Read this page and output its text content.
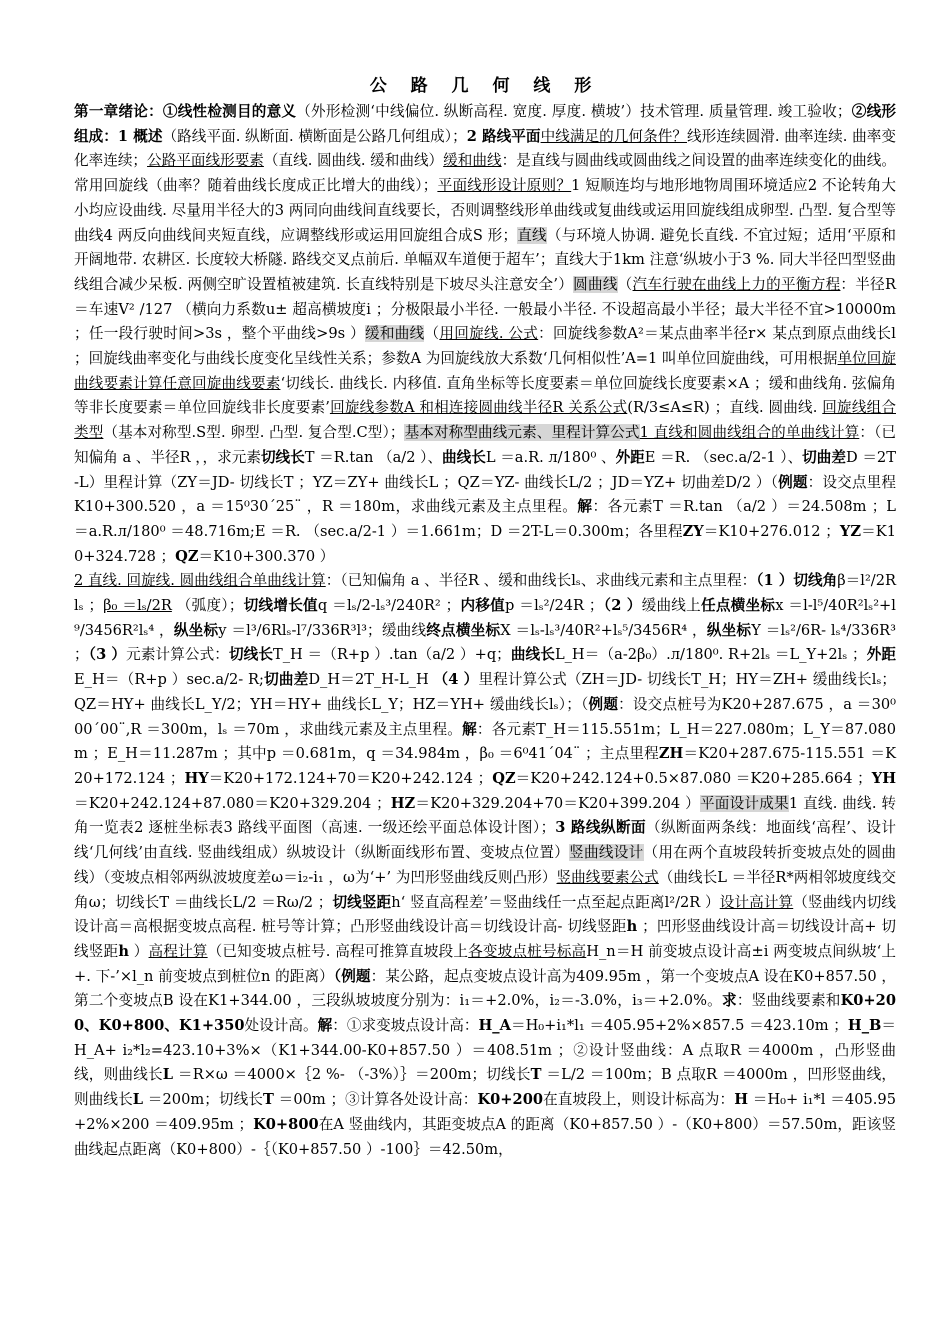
公 路 几 何 线 形

第一章绪论：①线性检测目的意义（外形检测‘中线偏位. 纵断高程. 宽度. 厚度. 横坡’）技术管理. 质量管理. 竣工验收；②线形组成：1 概述（路线平面. 纵断面. 横断面是公路几何组成）；2 路线平面中线满足的几何条件？线形连续圆滑. 曲率连续. 曲率变化率连续；公路平面线形要素（直线. 圆曲线. 缓和曲线）缓和曲线：是直线与圆曲线或圆曲线之间设置的曲率连续变化的曲线。常用回旋线（曲率？随着曲线长度成正比增大的曲线）；平面线形设计原则？1 短顺连均与地形地物周围环境适应2 不论转角大小均应设曲线. 尽量用半径大的3 两同向曲线间直线要长，否则调整线形单曲线或复曲线或运用回旋线组成卵型. 凸型. 复合型等曲线4 两反向曲线间夹短直线，应调整线形或运用回旋组合成S 形；直线（与环境人协调. 避免长直线. 不宜过短；适用‘平原和开阔地带. 农耕区. 长度较大桥隧. 路线交叉点前后. 单幅双车道便于超车’；直线大于1km 注意‘纵坡小于3 %. 同大半径凹型竖曲线组合减少呆板. 两侧空旷设置植被建筑. 长直线特别是下坡尽头注意安全’）圆曲线（汽车行驶在曲线上力的平衡方程：半径R ＝车速V² /127 （横向力系数u± 超高横坡度i ；分极限最小半径. 一般最小半径. 不设超高最小半径；最大半径不宜>10000m ；任一段行驶时间>3s ，整个平曲线>9s ）缓和曲线（用回旋线. 公式：回旋线参数A²＝某点曲率半径r× 某点到原点曲线长l ；回旋线曲率变化与曲线长度变化呈线性关系；参数A 为回旋线放大系数‘几何相似性’A=1 叫单位回旋曲线，可用根据单位回旋曲线要素计算任意回旋曲线要素‘切线长. 曲线长. 内移值. 直角坐标等长度要素＝单位回旋线长度要素×A ；缓和曲线角. 弦偏角等非长度要素＝单位回旋线非长度要素’回旋线参数A 和相连接圆曲线半径R 关系公式(R/3≤A≤R) ；直线. 圆曲线. 回旋线组合类型（基本对称型.S型. 卵型. 凸型. 复合型.C型）；基本对称型曲线元素、里程计算公式1 直线和圆曲线组合的单曲线计算：（已知偏角 a 、半径R ，，求元素切线长T ＝R.tan （a/2 ）、曲线长L ＝a.R. л/180⁰ 、外距E ＝R. （sec.a/2-1 ）、切曲差D ＝2T-L）里程计算（ZY＝JD- 切线长T ；YZ＝ZY+ 曲线长L ；QZ＝YZ- 曲线长L/2 ；JD＝YZ+ 切曲差D/2 ）（例题：设交点里程K10+300.520 ，a ＝15⁰30´25¨ ，R ＝180m，求曲线元素及主点里程。解：各元素T ＝R.tan （a/2 ）＝24.508m ；L ＝a.R.л/180⁰ ＝48.716m;E ＝R. （sec.a/2-1 ）＝1.661m；D ＝2T-L＝0.300m；各里程ZY＝K10+276.012 ；YZ＝K10+324.728 ；QZ＝K10+300.370 ）

2 直线. 回旋线. 圆曲线组合单曲线计算：（已知偏角 a 、半径R 、缓和曲线长lₛ、求曲线元素和主点里程：（1 ）切线角β＝l²/2Rlₛ ；β₀ ＝lₛ/2R （弧度）；切线增长值q ＝lₛ/2-lₛ³/240R² ；内移值p ＝lₛ²/24R ；（2 ）缓曲线上任点横坐标x ＝l-l⁵/40R²lₛ²+l⁹/3456R²lₛ⁴ ，纵坐标y ＝l³/6Rlₛ-l⁷/336R³l³；缓曲线终点横坐标X ＝lₛ-lₛ³/40R²+lₛ⁵/3456R⁴ ，纵坐标Y ＝lₛ²/6R- lₛ⁴/336R³ ；（3 ）元素计算公式：切线长T_H ＝（R+p ）.tan（a/2 ）+q；曲线长L_H＝（a-2β₀）.л/180⁰. R+2lₛ ＝L_Y+2lₛ ；外距E_H＝（R+p ）sec.a/2- R;切曲差D_H＝2T_H-L_H （4 ）里程计算公式（ZH＝JD- 切线长T_H；HY＝ZH+ 缓曲线长lₛ；QZ＝HY+ 曲线长L_Y/2；YH＝HY+ 曲线长L_Y；HZ＝YH+ 缓曲线长lₛ）；（例题：设交点桩号为K20+287.675 ，a ＝30⁰00´00¨,R ＝300m，lₛ ＝70m ，求曲线元素及主点里程。解：各元素T_H＝115.551m；L_H＝227.080m；L_Y＝87.080m ；E_H＝11.287m ；其中p ＝0.681m，q ＝34.984m ，β₀ ＝6⁰41´04¨ ；主点里程ZH＝K20+287.675-115.551 ＝K20+172.124 ；HY＝K20+172.124+70＝K20+242.124 ；QZ＝K20+242.124+0.5×87.080 ＝K20+285.664 ；YH＝K20+242.124+87.080＝K20+329.204 ；HZ＝K20+329.204+70＝K20+399.204 ）平面设计成果1 直线. 曲线. 转角一览表2 逐桩坐标表3 路线平面图（高速. 一级还绘平面总体设计图）；3 路线纵断面（纵断面两条线：地面线‘高程’、设计线‘几何线’由直线. 竖曲线组成）纵坡设计（纵断面线形布置、变坡点位置）竖曲线设计（用在两个直坡段转折变坡点处的圆曲线）（变坡点相邻两纵波坡度差ω＝i₂-i₁ ，ω为‘+’ 为凹形竖曲线反则凸形）竖曲线要素公式（曲线长L ＝半径R*两相邻坡度线交角ω；切线长T ＝曲线长L/2 ＝Rω/2 ；切线竖距h‘ 竖直高程差’＝竖曲线任一点至起点距离l²/2R ）设计高计算（竖曲线内切线设计高＝高根据变坡点高程. 桩号等计算；凸形竖曲线设计高＝切线设计高- 切线竖距h ；凹形竖曲线设计高＝切线设计高+ 切线竖距h ）高程计算（已知变坡点桩号. 高程可推算直坡段上各变坡点桩号标高H_n＝H 前变坡点设计高±i 两变坡点间纵坡‘上+. 下-’×l_n 前变坡点到桩位n 的距离）（例题：某公路，起点变坡点设计高为409.95m ，第一个变坡点A 设在K0+857.50 ，第二个变坡点B 设在K1+344.00 ，三段纵坡坡度分别为：i₁＝+2.0%，i₂＝-3.0%，i₃＝+2.0%。求：竖曲线要素和K0+200、K0+800、K1+350处设计高。解：①求变坡点设计高：H_A＝H₀+i₁*l₁ ＝405.95+2%×857.5 ＝423.10m ；H_B＝H_A+ i₂*l₂=423.10+3%×（K1+344.00-K0+857.50 ）＝408.51m ；②设计竖曲线：A 点取R ＝4000m ，凸形竖曲线，则曲线长L ＝R×ω ＝4000×｛2 %- （-3%）｝＝200m；切线长T ＝L/2 ＝100m；B 点取R ＝4000m ，凹形竖曲线，则曲线长L ＝200m；切线长T ＝00m ；③计算各处设计高：K0+200在直坡段上，则设计标高为：H ＝H₀+ i₁*l ＝405.95+2%×200 ＝409.95m ；K0+800在A 竖曲线内，其距变坡点A 的距离（K0+857.50 ）-（K0+800）＝57.50m，距该竖曲线起点距离（K0+800）-｛（K0+857.50 ）-100｝＝42.50m，
